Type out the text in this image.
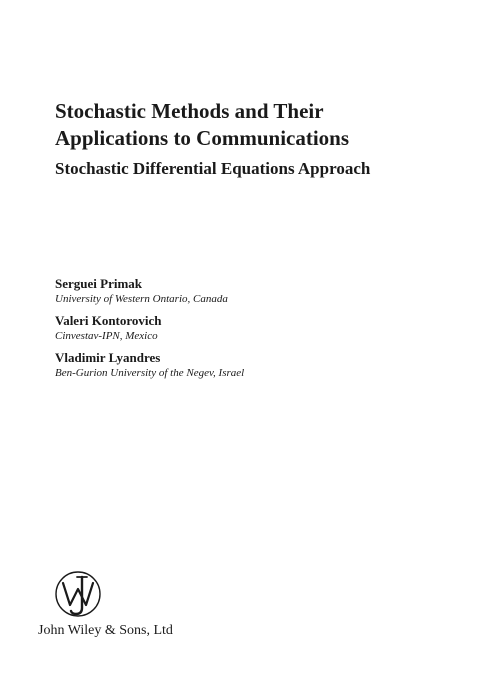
Stochastic Methods and Their
Applications to Communications
Stochastic Differential Equations Approach
Serguei Primak
University of Western Ontario, Canada
Valeri Kontorovich
Cinvestav-IPN, Mexico
Vladimir Lyandres
Ben-Gurion University of the Negev, Israel
John Wiley & Sons, Ltd
